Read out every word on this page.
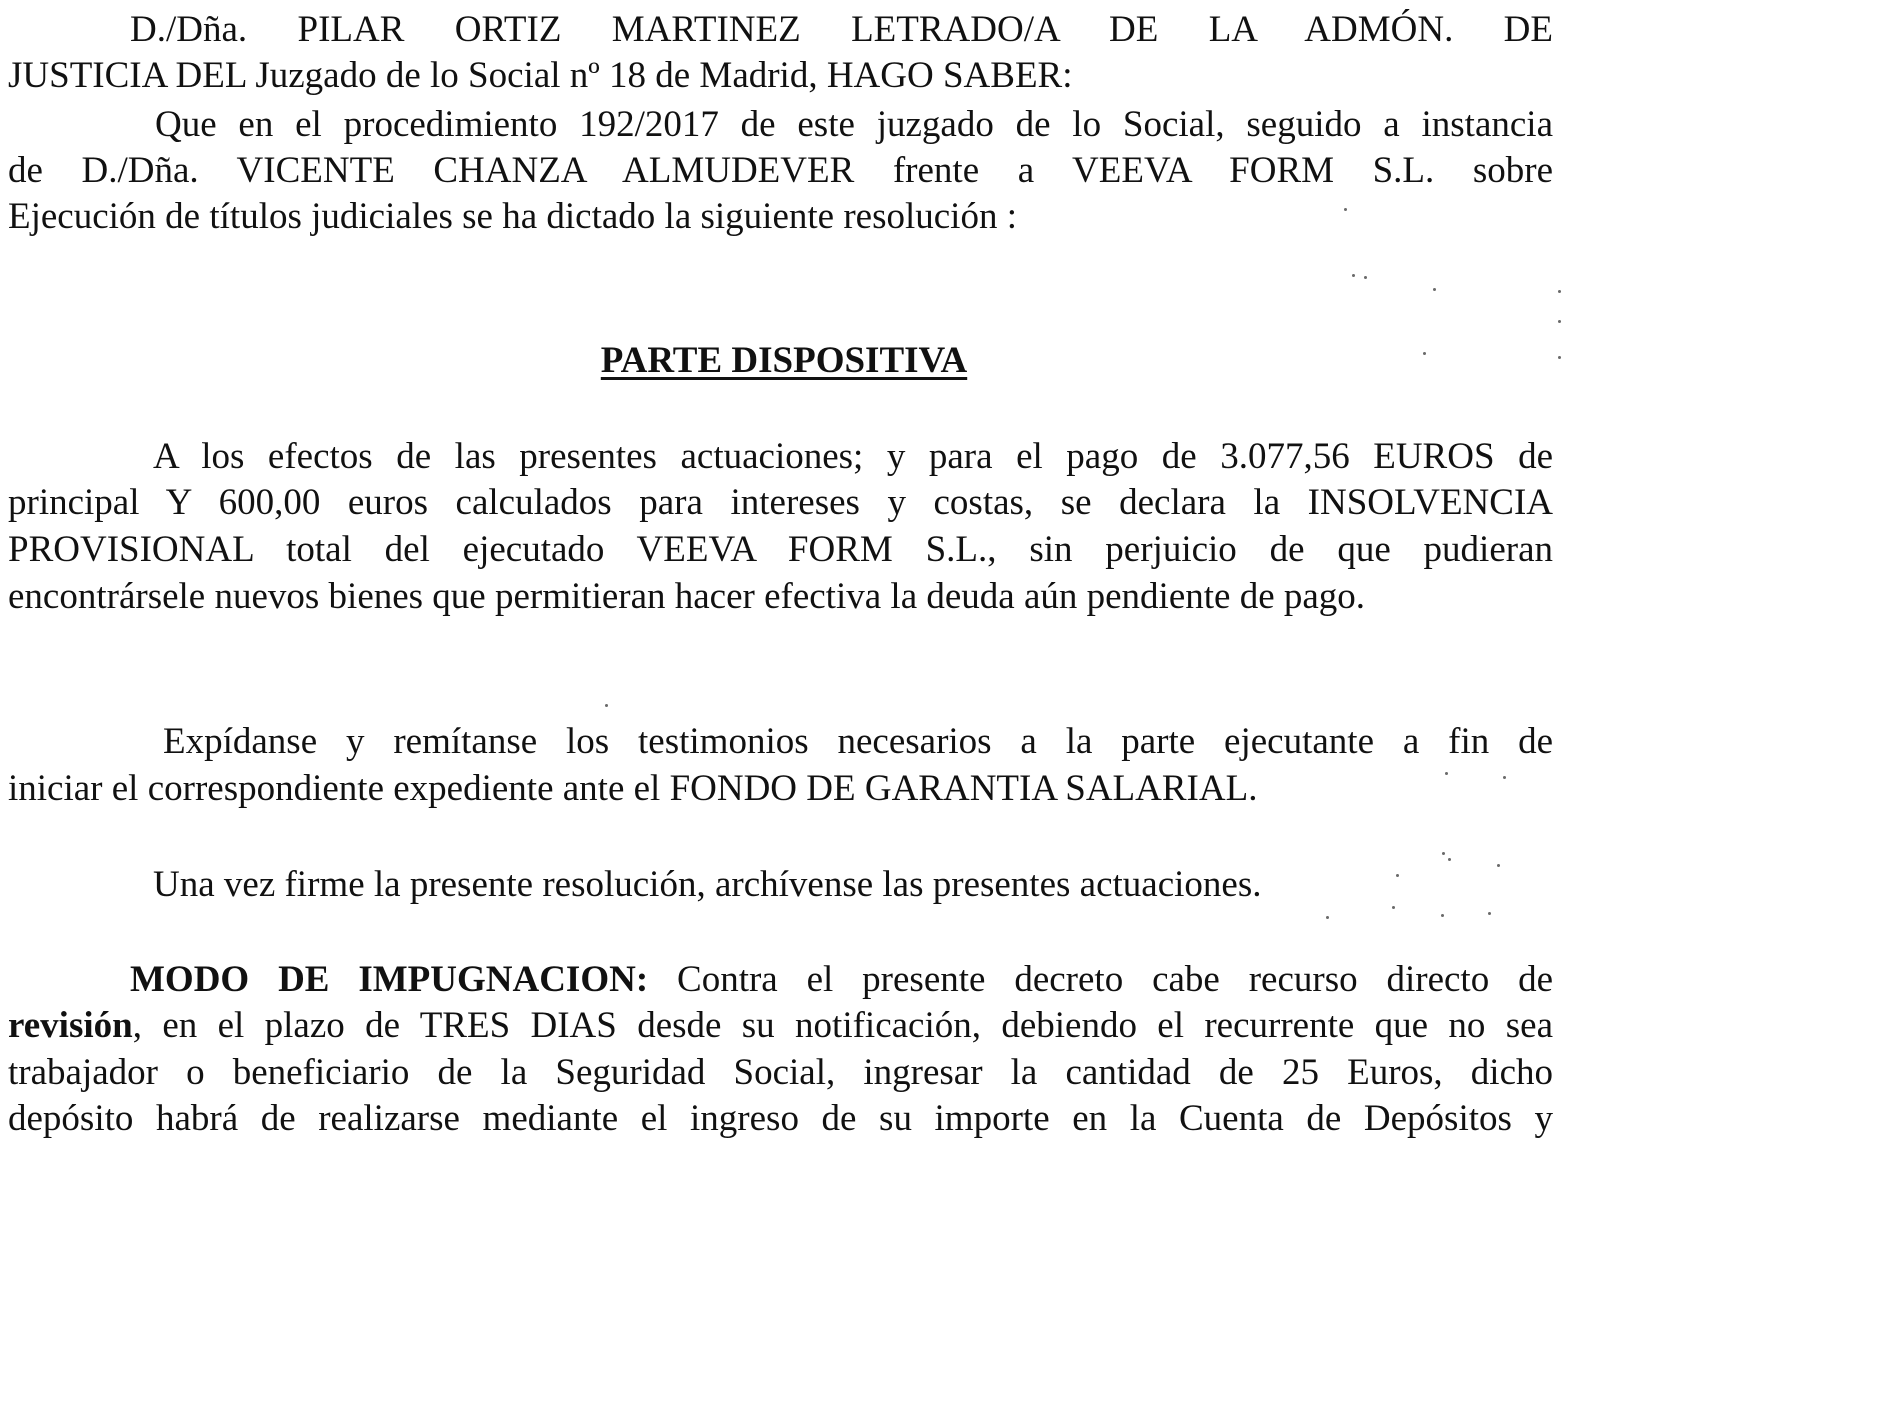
D./Dña. PILAR ORTIZ MARTINEZ LETRADO/A DE LA ADMÓN. DE
JUSTICIA DEL Juzgado de lo Social nº 18 de Madrid, HAGO SABER:
Que en el procedimiento 192/2017 de este juzgado de lo Social, seguido a instancia
de D./Dña. VICENTE CHANZA ALMUDEVER frente a VEEVA FORM S.L. sobre
Ejecución de títulos judiciales se ha dictado la siguiente resolución :
PARTE DISPOSITIVA
A los efectos de las presentes actuaciones; y para el pago de 3.077,56 EUROS de
principal Y 600,00 euros calculados para intereses y costas, se declara la INSOLVENCIA
PROVISIONAL total del ejecutado VEEVA FORM S.L., sin perjuicio de que pudieran
encontrársele nuevos bienes que permitieran hacer efectiva la deuda aún pendiente de pago.
Expídanse y remítanse los testimonios necesarios a la parte ejecutante a fin de
iniciar el correspondiente expediente ante el FONDO DE GARANTIA SALARIAL.
Una vez firme la presente resolución, archívense las presentes actuaciones.
MODO DE IMPUGNACION: Contra el presente decreto cabe recurso directo de
revisión, en el plazo de TRES DIAS desde su notificación, debiendo el recurrente que no sea
trabajador o beneficiario de la Seguridad Social, ingresar la cantidad de 25 Euros, dicho
depósito habrá de realizarse mediante el ingreso de su importe en la Cuenta de Depósitos y
